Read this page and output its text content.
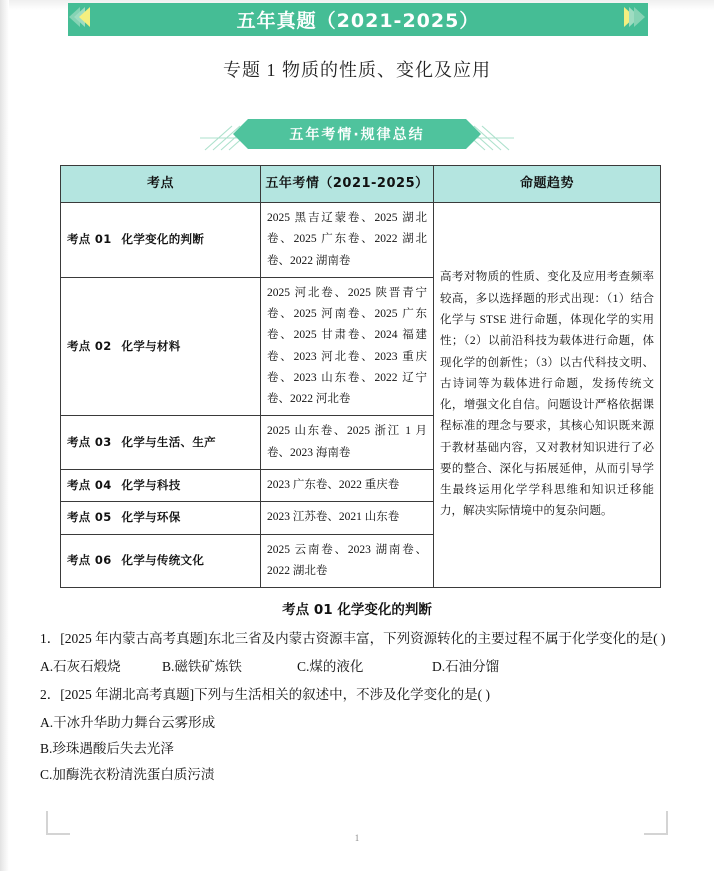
五年真题（2021-2025）
专题 1 物质的性质、变化及应用
五年考情·规律总结
考点	五年考情（2021-2025）	命题趋势
考点 01 化学变化的判断	2025 黑吉辽蒙卷、2025 湖北卷、2025 广东卷、2022 湖北卷、2022 湖南卷	高考对物质的性质、变化及应用考查频率较高，多以选择题的形式出现：（1）结合化学与 STSE 进行命题，体现化学的实用性；（2）以前沿科技为载体进行命题，体现化学的创新性；（3）以古代科技文明、古诗词等为载体进行命题，发扬传统文化，增强文化自信。问题设计严格依据课程标准的理念与要求，其核心知识既来源于教材基础内容，又对教材知识进行了必要的整合、深化与拓展延伸，从而引导学生最终运用化学学科思维和知识迁移能力，解决实际情境中的复杂问题。
考点 02 化学与材料	2025 河北卷、2025 陕晋青宁卷、2025 河南卷、2025 广东卷、2025 甘肃卷、2024 福建卷、2023 河北卷、2023 重庆卷、2023 山东卷、2022 辽宁卷、2022 河北卷	
考点 03 化学与生活、生产	2025 山东卷、2025 浙江 1 月卷、2023 海南卷	
考点 04 化学与科技	2023 广东卷、2022 重庆卷	
考点 05 化学与环保	2023 江苏卷、2021 山东卷	
考点 06 化学与传统文化	2025 云南卷、2023 湖南卷、2022 湖北卷	
考点 01 化学变化的判断
1．[2025 年内蒙古高考真题]东北三省及内蒙古资源丰富，下列资源转化的主要过程不属于化学变化的是( )
A.石灰石煅烧	B.磁铁矿炼铁	C.煤的液化	D.石油分馏
2．[2025 年湖北高考真题]下列与生活相关的叙述中，不涉及化学变化的是( )
A.干冰升华助力舞台云雾形成
B.珍珠遇酸后失去光泽
C.加酶洗衣粉清洗蛋白质污渍
1
